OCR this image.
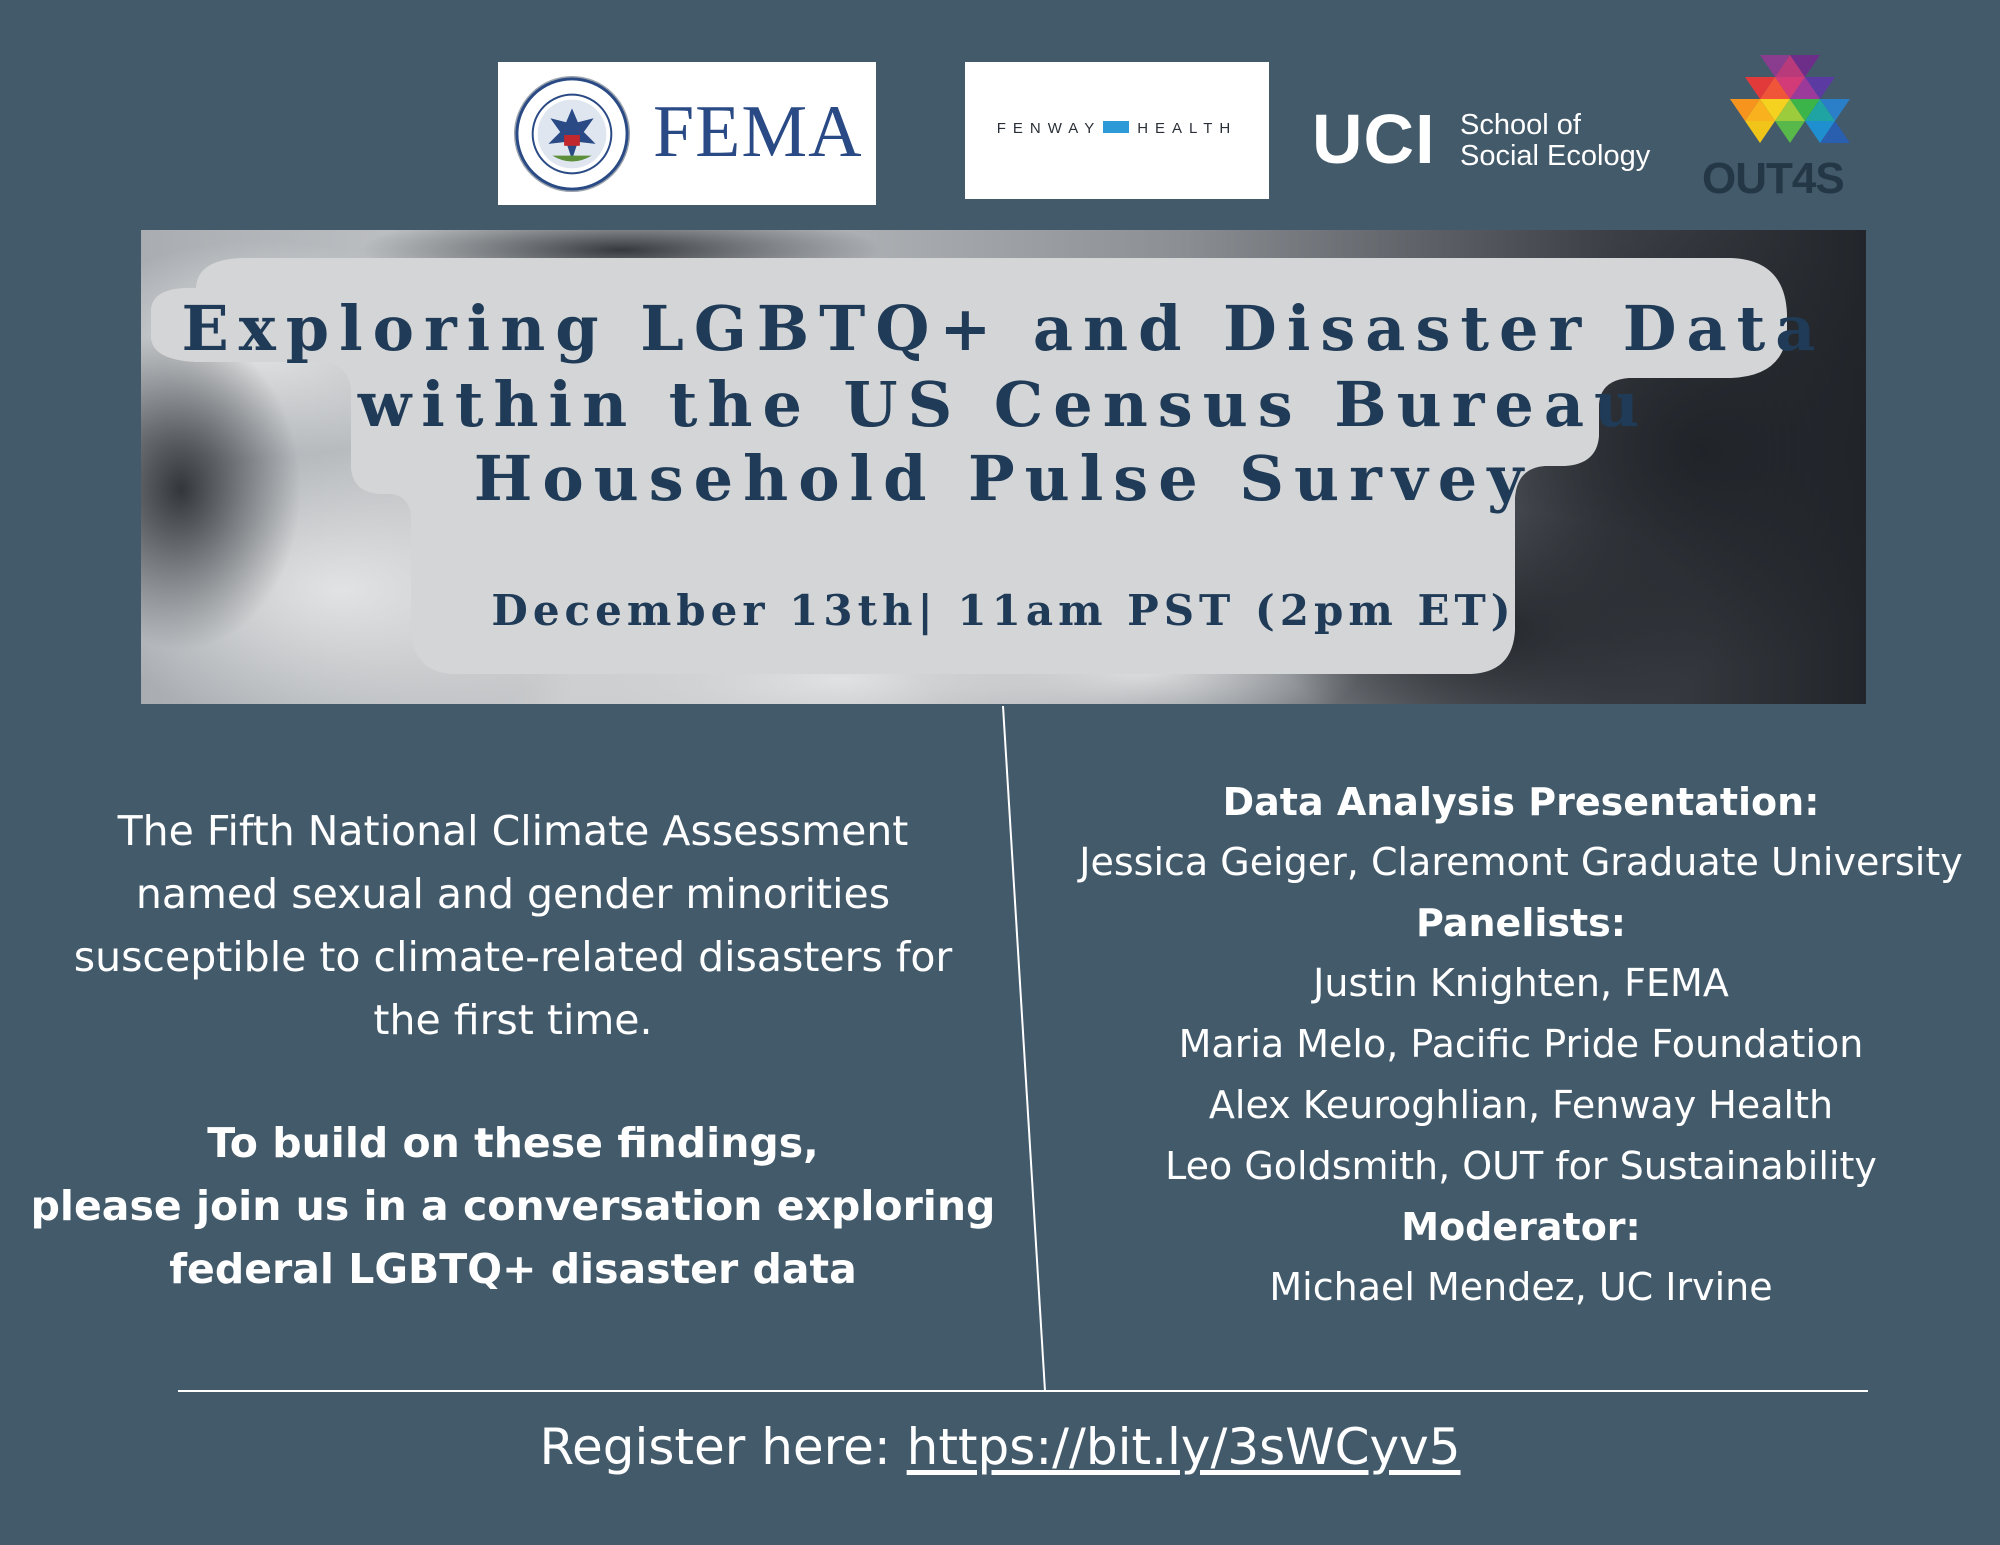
FEMA	FENWAY HEALTH	UCI School of
Social Ecology OUT4S
Exploring LGBTQ+ and Disaster Data
within the US Census Bureau
Household Pulse Survey
December 13th| 11am PST (2pm ET)
The Fifth National Climate Assessment
named sexual and gender minorities
susceptible to climate-related disasters for
the first time.
To build on these findings,
please join us in a conversation exploring
federal LGBTQ+ disaster data
Data Analysis Presentation:
Jessica Geiger, Claremont Graduate University
Panelists:
Justin Knighten, FEMA
Maria Melo, Pacific Pride Foundation
Alex Keuroghlian, Fenway Health
Leo Goldsmith, OUT for Sustainability
Moderator:
Michael Mendez, UC Irvine
Register here: https://bit.ly/3sWCyv5
